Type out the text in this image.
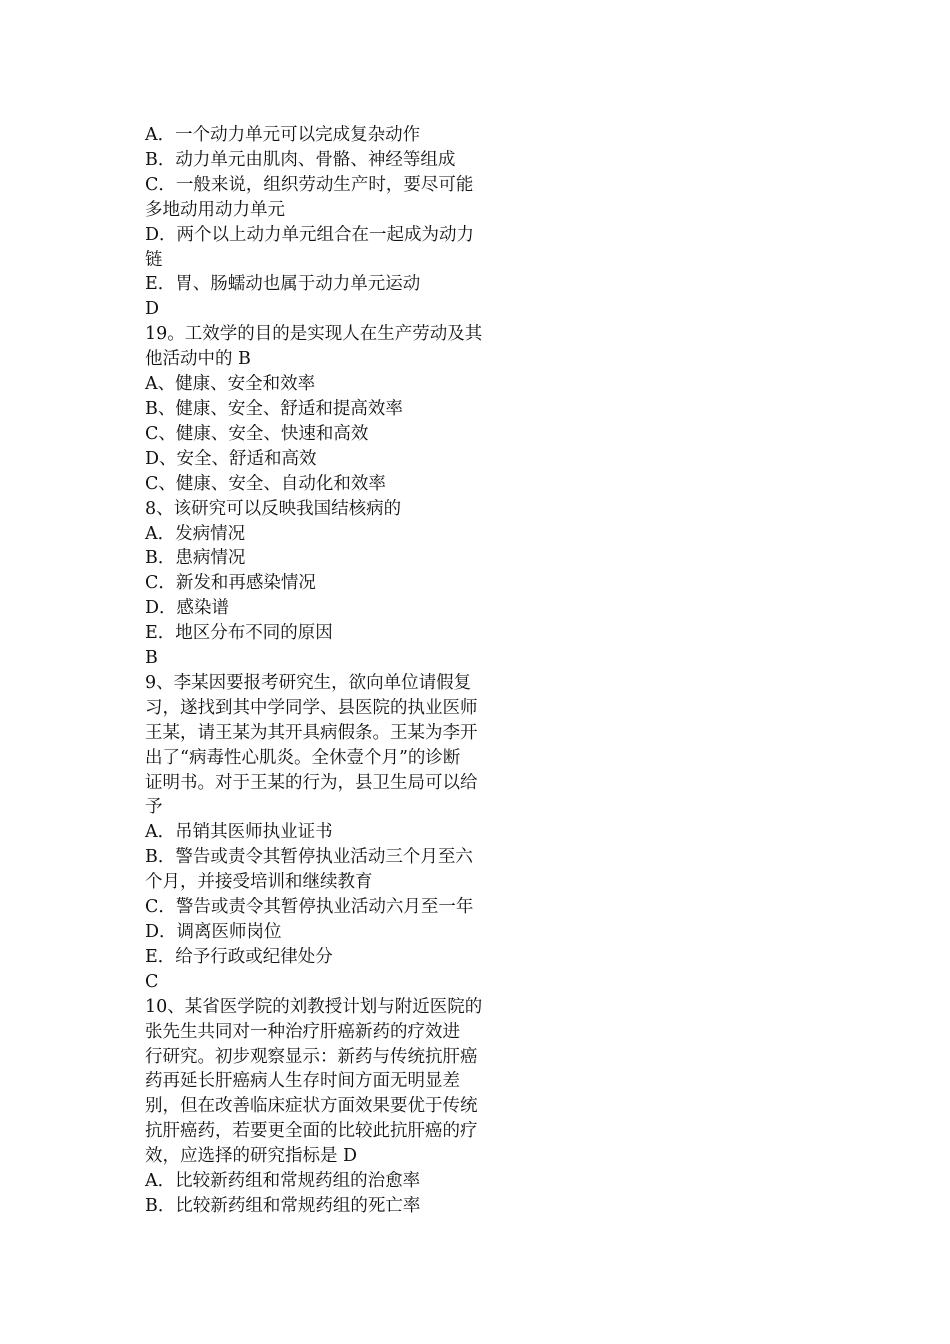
A．一个动力单元可以完成复杂动作
B．动力单元由肌肉、骨骼、神经等组成
C．一般来说，组织劳动生产时，要尽可能
多地动用动力单元
D．两个以上动力单元组合在一起成为动力
链
E．胃、肠蠕动也属于动力单元运动
D
19。工效学的目的是实现人在生产劳动及其
他活动中的 B
A、健康、安全和效率
B、健康、安全、舒适和提高效率
C、健康、安全、快速和高效
D、安全、舒适和高效
C、健康、安全、自动化和效率
8、该研究可以反映我国结核病的
A．发病情况
B．患病情况
C．新发和再感染情况
D．感染谱
E．地区分布不同的原因
B
9、李某因要报考研究生，欲向单位请假复
习，遂找到其中学同学、县医院的执业医师
王某，请王某为其开具病假条。王某为李开
出了“病毒性心肌炎。全休壹个月”的诊断
证明书。对于王某的行为，县卫生局可以给
予
A．吊销其医师执业证书
B．警告或责令其暂停执业活动三个月至六
个月，并接受培训和继续教育
C．警告或责令其暂停执业活动六月至一年
D．调离医师岗位
E．给予行政或纪律处分
C
10、某省医学院的刘教授计划与附近医院的
张先生共同对一种治疗肝癌新药的疗效进
行研究。初步观察显示：新药与传统抗肝癌
药再延长肝癌病人生存时间方面无明显差
别，但在改善临床症状方面效果要优于传统
抗肝癌药，若要更全面的比较此抗肝癌的疗
效，应选择的研究指标是 D
A．比较新药组和常规药组的治愈率
B．比较新药组和常规药组的死亡率
